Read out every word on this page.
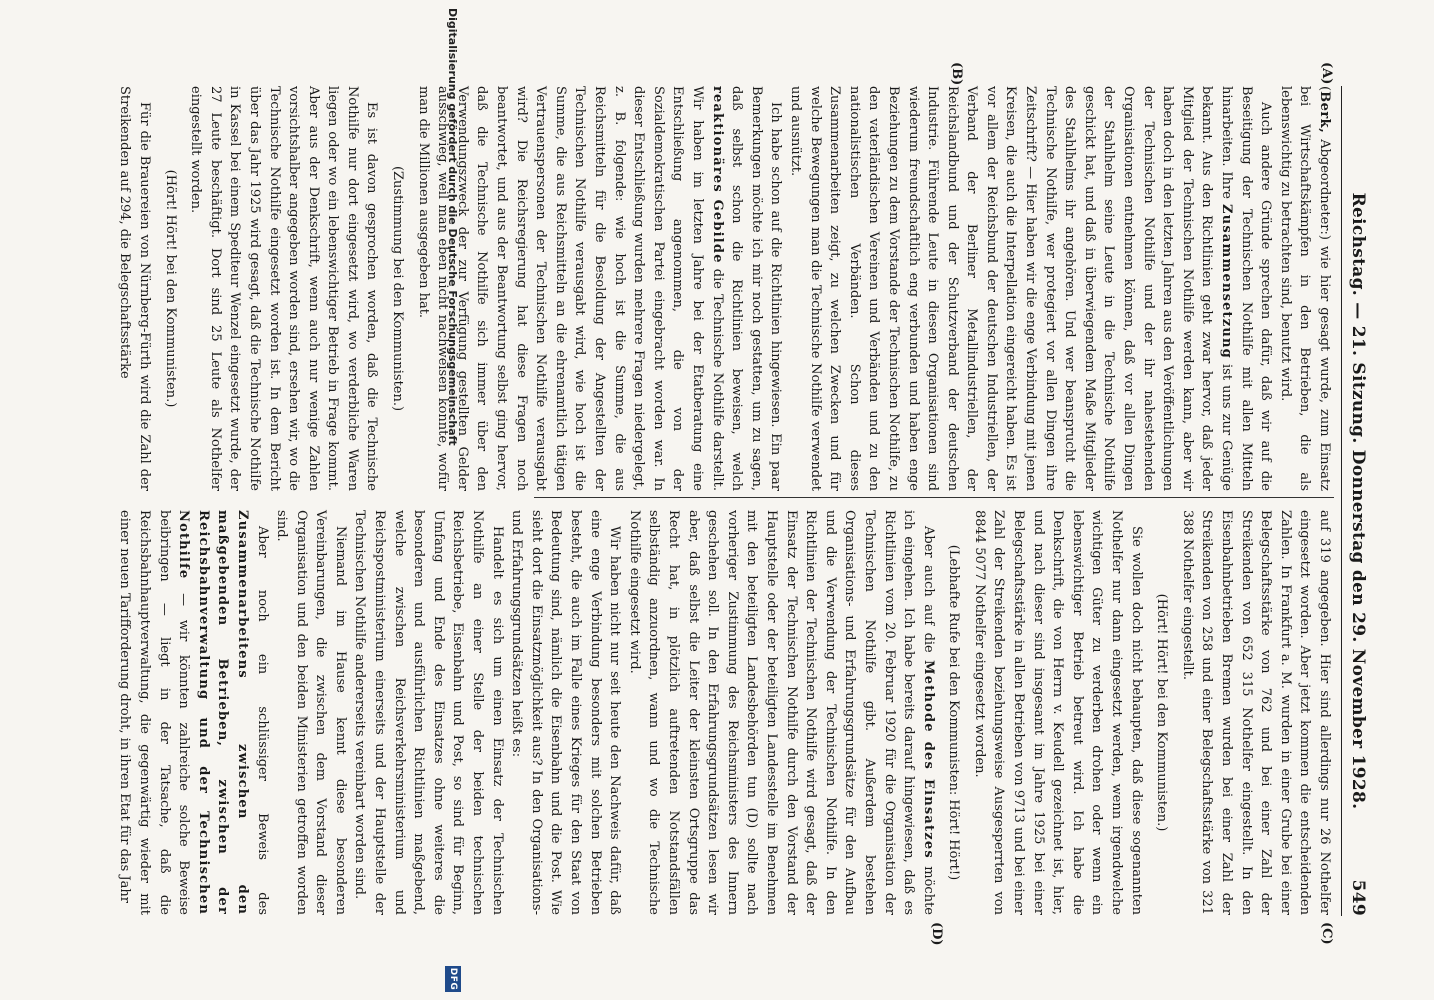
Reichstag. — 21. Sitzung. Donnerstag den 29. November 1928.
549
(A)
(B)
(C)
(D)

(Berk, Abgeordneter:) wie hier gesagt wurde, zum Einsatz bei Wirtschaftskämpfen in den Betrieben, die als lebenswichtig zu betrachten sind, benutzt wird.

Auch andere Gründe sprechen dafür, daß wir auf die Beseitigung der Technischen Nothilfe mit allen Mitteln hinarbeiten. Ihre Zusammensetzung ist uns zur Genüge bekannt. Aus den Richtlinien geht zwar hervor, daß jeder Mitglied der Technischen Nothilfe werden kann, aber wir haben doch in den letzten Jahren aus den Veröffentlichungen der Technischen Nothilfe und der ihr nahestehenden Organisationen entnehmen können, daß vor allen Dingen der Stahlhelm seine Leute in die Technische Nothilfe geschickt hat, und daß in überwiegendem Maße Mitglieder des Stahlhelms ihr angehören. Und wer beansprucht die Technische Nothilfe, wer protegiert vor allen Dingen ihre Zeitschrift? — Hier haben wir die enge Verbindung mit jenen Kreisen, die auch die Interpellation eingereicht haben. Es ist vor allem der Reichsbund der deutschen Industriellen, der Verband der Berliner Metallindustriellen, der Reichslandbund und der Schutzverband der deutschen Industrie. Führende Leute in diesen Organisationen sind wiederum freundschaftlich eng verbunden und haben enge Beziehungen zu dem Vorstande der Technischen Nothilfe, zu den vaterländischen Vereinen und Verbänden und zu den nationalistischen Verbänden. Schon dieses Zusammenarbeiten zeigt, zu welchen Zwecken und für welche Bewegungen man die Technische Nothilfe verwendet und ausnützt.

Ich habe schon auf die Richtlinien hingewiesen. Ein paar Bemerkungen möchte ich mir noch gestatten, um zu sagen, daß selbst schon die Richtlinien beweisen, welch reaktionäres Gebilde die Technische Nothilfe darstellt. Wir haben im letzten Jahre bei der Etatberatung eine Entschließung angenommen, die von der Sozialdemokratischen Partei eingebracht worden war. In dieser Entschließung wurden mehrere Fragen niedergelegt, z. B. folgende: wie hoch ist die Summe, die aus Reichsmitteln für die Besoldung der Angestellten der Technischen Nothilfe verausgabt wird, wie hoch ist die Summe, die aus Reichsmitteln an die ehrenamtlich tätigen Vertrauenspersonen der Technischen Nothilfe verausgabt wird? Die Reichsregierung hat diese Fragen noch beantwortet, und aus der Beantwortung selbst ging hervor, daß die Technische Nothilfe sich immer über den Verwendungszweck der zur Verfügung gestellten Gelder ausschwieg, weil man eben nicht nachweisen konnte, wofür man die Millionen ausgegeben hat.

(Zustimmung bei den Kommunisten.)

Es ist davon gesprochen worden, daß die Technische Nothilfe nur dort eingesetzt wird, wo verderbliche Waren liegen oder wo ein lebenswichtiger Betrieb in Frage kommt. Aber aus der Denkschrift, wenn auch nur wenige Zahlen vorsichtshalber angegeben worden sind, ersehen wir, wo die Technische Nothilfe eingesetzt worden ist. In dem Bericht über das Jahr 1925 wird gesagt, daß die Technische Nothilfe in Kassel bei einem Spediteur Wenzel eingesetzt wurde, der 27 Leute beschäftigt. Dort sind 25 Leute als Nothelfer eingestellt worden.

(Hört! Hört! bei den Kommunisten.)

Für die Brauereien von Nürnberg-Fürth wird die Zahl der Streikenden auf 294, die Belegschaftsstärke

auf 319 angegeben. Hier sind allerdings nur 26 Nothelfer eingesetzt worden. Aber jetzt kommen die entscheidenden Zahlen. In Frankfurt a. M. wurden in einer Grube bei einer Belegschaftsstärke von 762 und bei einer Zahl der Streikenden von 652 315 Nothelfer eingestellt. In den Eisenbahnbetrieben Bremen wurden bei einer Zahl der Streikenden von 258 und einer Belegschaftsstärke von 321 388 Nothelfer eingestellt.

(Hört! Hört! bei den Kommunisten.)

Sie wollen doch nicht behaupten, daß diese sogenannten Nothelfer nur dann eingesetzt werden, wenn irgendwelche wichtigen Güter zu verderben drohen oder wenn ein lebenswichtiger Betrieb betreut wird. Ich habe die Denkschrift, die von Herrn v. Keudell gezeichnet ist, hier, und nach dieser sind insgesamt im Jahre 1925 bei einer Belegschaftsstärke in allen Betrieben von 9713 und bei einer Zahl der Streikenden beziehungsweise Ausgesperrten von 8844 5077 Nothelfer eingesetzt worden.

(Lebhafte Rufe bei den Kommunisten: Hört! Hört!)

Aber auch auf die Methode des Einsatzes möchte ich eingehen. Ich habe bereits darauf hingewiesen, daß es Richtlinien vom 20. Februar 1920 für die Organisation der Technischen Nothilfe gibt. Außerdem bestehen Organisations- und Erfahrungsgrundsätze für den Aufbau und die Verwendung der Technischen Nothilfe. In den Richtlinien der Technischen Nothilfe wird gesagt, daß der Einsatz der Technischen Nothilfe durch den Vorstand der Hauptstelle oder der beteiligten Landesstelle im Benehmen mit den beteiligten Landesbehörden tun (D) sollte nach vorheriger Zustimmung des Reichsministers des Innern geschehen soll. In den Erfahrungsgrundsätzen lesen wir aber, daß selbst die Leiter der kleinsten Ortsgruppe das Recht hat, in plötzlich auftretenden Notstandsfällen selbständig anzuordnen, wann und wo die Technische Nothilfe eingesetzt wird.

Wir haben nicht nur seit heute den Nachweis dafür, daß eine enge Verbindung besonders mit solchen Betrieben besteht, die auch im Falle eines Krieges für den Staat von Bedeutung sind, nämlich die Eisenbahn und die Post. Wie sieht dort die Einsatzmöglichkeit aus? In den Organisations- und Erfahrungsgrundsätzen heißt es:

Handelt es sich um einen Einsatz der Technischen Nothilfe an einer Stelle der beiden technischen Reichsbetriebe, Eisenbahn und Post, so sind für Beginn, Umfang und Ende des Einsatzes ohne weiteres die besonderen und ausführlichen Richtlinien maßgebend, welche zwischen Reichsverkehrsministerium und Reichspostministerium einerseits und der Hauptstelle der Technischen Nothilfe andererseits vereinbart worden sind.

Niemand im Hause kennt diese besonderen Vereinbarungen, die zwischen dem Vorstand dieser Organisation und den beiden Ministerien getroffen worden sind.

Aber noch ein schlüssiger Beweis des Zusammenarbeitens zwischen den maßgebenden Betrieben, zwischen der Reichsbahnverwaltung und der Technischen Nothilfe — wir könnten zahlreiche solche Beweise beibringen — liegt in der Tatsache, daß die Reichsbahnhauptverwaltung, die gegenwärtig wieder mit einer neuen Tarifforderung droht, in ihren Etat für das Jahr

Digitalisierung gefördert durch die Deutsche Forschungsgemeinschaft
DFG
